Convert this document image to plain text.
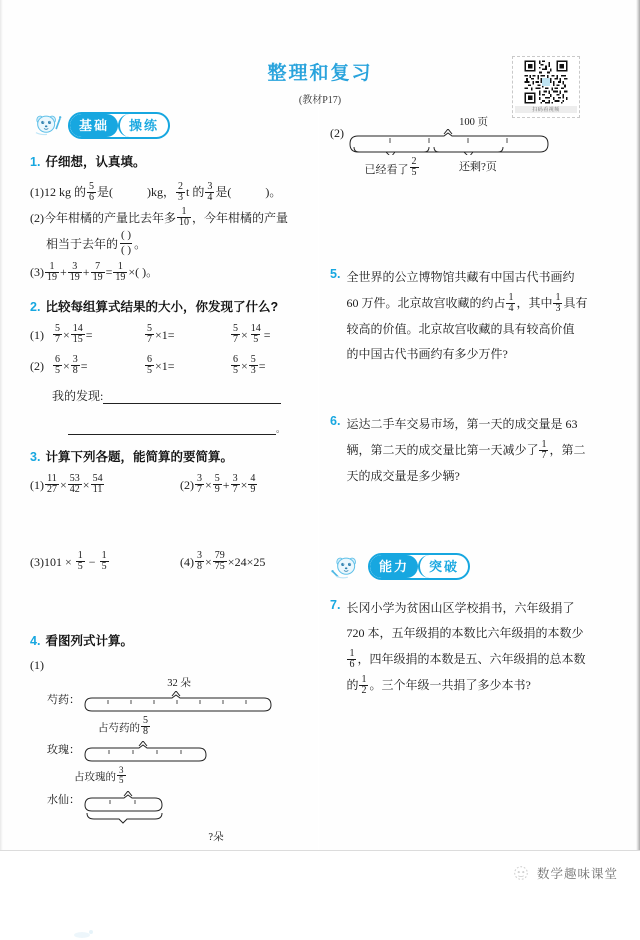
整理和复习
(教材P17)
扫码看视频
基础	操练
1. 仔细想，认真填。
(1)12 kg 的 $\frac{5}{6}$ 是(	)kg， $\frac{2}{3}$ t 的 $\frac{3}{4}$ 是(	)。
(2)今年柑橘的产量比去年多 $\frac{1}{10}$ ，今年柑橘的产量
相当于去年的 $\frac{( )}{( )}$ 。
$(3) \frac{1}{19} + \frac{3}{19} + \frac{7}{19} = \frac{1}{19}$ ×( )。
2. 比较每组算式结果的大小，你发现了什么?
$(1) \frac{5}{7} \times \frac{14}{15}$ =	$\frac{5}{7} \times 1$ =	$\frac{5}{7} \times \frac{14}{5}$ =
$(2) \frac{6}{5} \times \frac{3}{8}$ =	$\frac{6}{5} \times 1$ =	$\frac{6}{5} \times \frac{5}{3}$ =
我的发现:
。
3. 计算下列各题，能简算的要简算。
$(1) \frac{11}{27} \times \frac{53}{42} \times \frac{54}{11}$	$(2) \frac{3}{7} \times \frac{5}{9} + \frac{3}{7} \times \frac{4}{9}$
(3) $101 \times \frac{1}{5} - \frac{1}{5}$	$(4) \frac{3}{8} \times \frac{79}{75} \times 24 \times 25$
4. 看图列式计算。
(1)
32 朵
芍药：
占芍药的 $\frac{5}{8}$
玫瑰：
占玫瑰的 $\frac{3}{5}$
水仙：
?朵
(2)
100 页
已经看了 $\frac{2}{5}$	还剩?页
5. 全世界的公立博物馆共藏有中国古代书画约
60 万件。北京故宫收藏的约占 $\frac{1}{4}$ ，其中 $\frac{1}{3}$ 具有
较高的价值。北京故宫收藏的具有较高价值
的中国古代书画约有多少万件?
6. 运达二手车交易市场，第一天的成交量是 63
辆，第二天的成交量比第一天减少了 $\frac{1}{7}$ ，第二
天的成交量是多少辆?
能力	突破
7. 长冈小学为贫困山区学校捐书，六年级捐了
720 本，五年级捐的本数比六年级捐的本数少
$\frac{1}{6}$ ，四年级捐的本数是五、六年级捐的总本数
的 $\frac{1}{2}$ 。三个年级一共捐了多少本书?
数学趣味课堂
